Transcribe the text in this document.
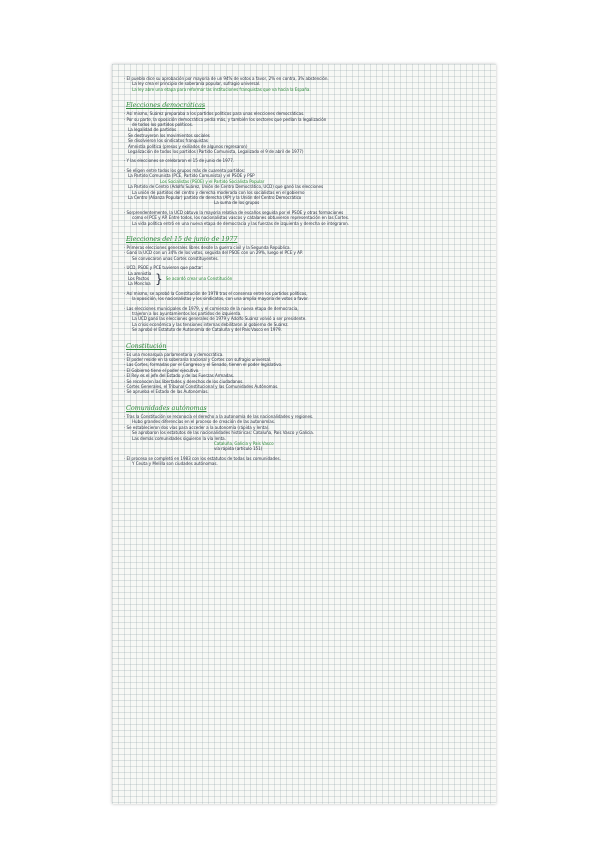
· El pueblo dice su aprobación por mayoría de un 94% de votos a favor, 2% en contra, 3% abstención.
La ley crea el principio de soberanía popular, sufragio universal.
La ley abre una etapa para reformar las instituciones franquistas que va hacia la España.
Elecciones democráticas
· Así mismo, Suárez preparaba a los partidos políticos para unas elecciones democráticas.
· Por su parte, la oposición democrática pedía más, y también los sectores que pedían la legalización
de todos los partidos políticos.
La legalidad de partidos
Se destruyeron los movimientos sociales
Se disolvieron los sindicatos franquistas
Amnistía política (presos y exiliados de algunos regresaron)
Legalización de todos los partidos (Partido Comunista, Legalizado el 9 de abril de 1977)
· Y las elecciones se celebraron el 15 de junio de 1977.
· Se eligen entre todos los grupos más de cuarenta partidos:
La Partido Comunista (PCE, Partido Comunista) y el PSOE y PSP
Los Socialistas (PSOE) y el Partido Socialista Popular
La Partido de Centro (Adolfo Suárez, Unión de Centro Democrático, UCD) que ganó las elecciones
La unión de partidos del centro y derecha moderada con los socialistas en el gobierno
La Centro (Alianza Popular) partido de derecha (AP) y la Unión del Centro Democrático
La suma de los grupos
· Sorprendentemente, la UCD obtuvo la mayoría relativa de escaños seguida por el PSOE y otras formaciones
como el PCE y AP. Entre todos, los nacionalistas vascos y catalanes obtuvieron representación en las Cortes.
La vida política entró en una nueva etapa de democracia y las fuerzas de izquierda y derecha se integraron.
Elecciones del 15 de junio de 1977
· Primeras elecciones generales libres desde la guerra civil y la Segunda República.
· Ganó la UCD con un 34% de los votos, seguida del PSOE con un 29%, luego el PCE y AP.
Se convocaron unas Cortes constituyentes.
· UCD, PSOE y PCE tuvieron que pactar:
La amnistía
Los Pactos
La Moncloa } Se acordó crear una Constitución
· Así mismo, se aprobó la Constitución de 1978 tras el consenso entre los partidos políticos,
la oposición, los nacionalistas y los sindicatos, con una amplia mayoría de votos a favor.
· Las elecciones municipales de 1979, y el comienzo de la nueva etapa de democracia,
trajeron a los ayuntamientos los partidos de izquierda.
La UCD ganó las elecciones generales de 1979 y Adolfo Suárez volvió a ser presidente.
La crisis económica y las tensiones internas debilitaron al gobierno de Suárez.
Se aprobó el Estatuto de Autonomía de Cataluña y del País Vasco en 1979.
Constitución
· Es una monarquía parlamentaria y democrática.
· El poder reside en la soberanía nacional y Cortes con sufragio universal.
· Las Cortes, formadas por el Congreso y el Senado, tienen el poder legislativo.
· El Gobierno tiene el poder ejecutivo.
· El Rey es el jefe del Estado y de las Fuerzas Armadas.
· Se reconocen las libertades y derechos de los ciudadanos.
· Cortes Generales, el Tribunal Constitucional y las Comunidades Autónomas.
· Se aprueba el Estado de las Autonomías.
Comunidades autónomas
· Tras la Constitución se reconocía el derecho a la autonomía de las nacionalidades y regiones.
Hubo grandes diferencias en el proceso de creación de las autonomías.
· Se establecieron dos vías para acceder a la autonomía (rápida y lenta).
Se aprobaron los estatutos de las nacionalidades históricas: Cataluña, País Vasco y Galicia.
Las demás comunidades siguieron la vía lenta.
Cataluña, Galicia y País Vasco
vía rápida (artículo 151)
· El proceso se completó en 1983 con los estatutos de todas las comunidades.
Y Ceuta y Melilla son ciudades autónomas.
